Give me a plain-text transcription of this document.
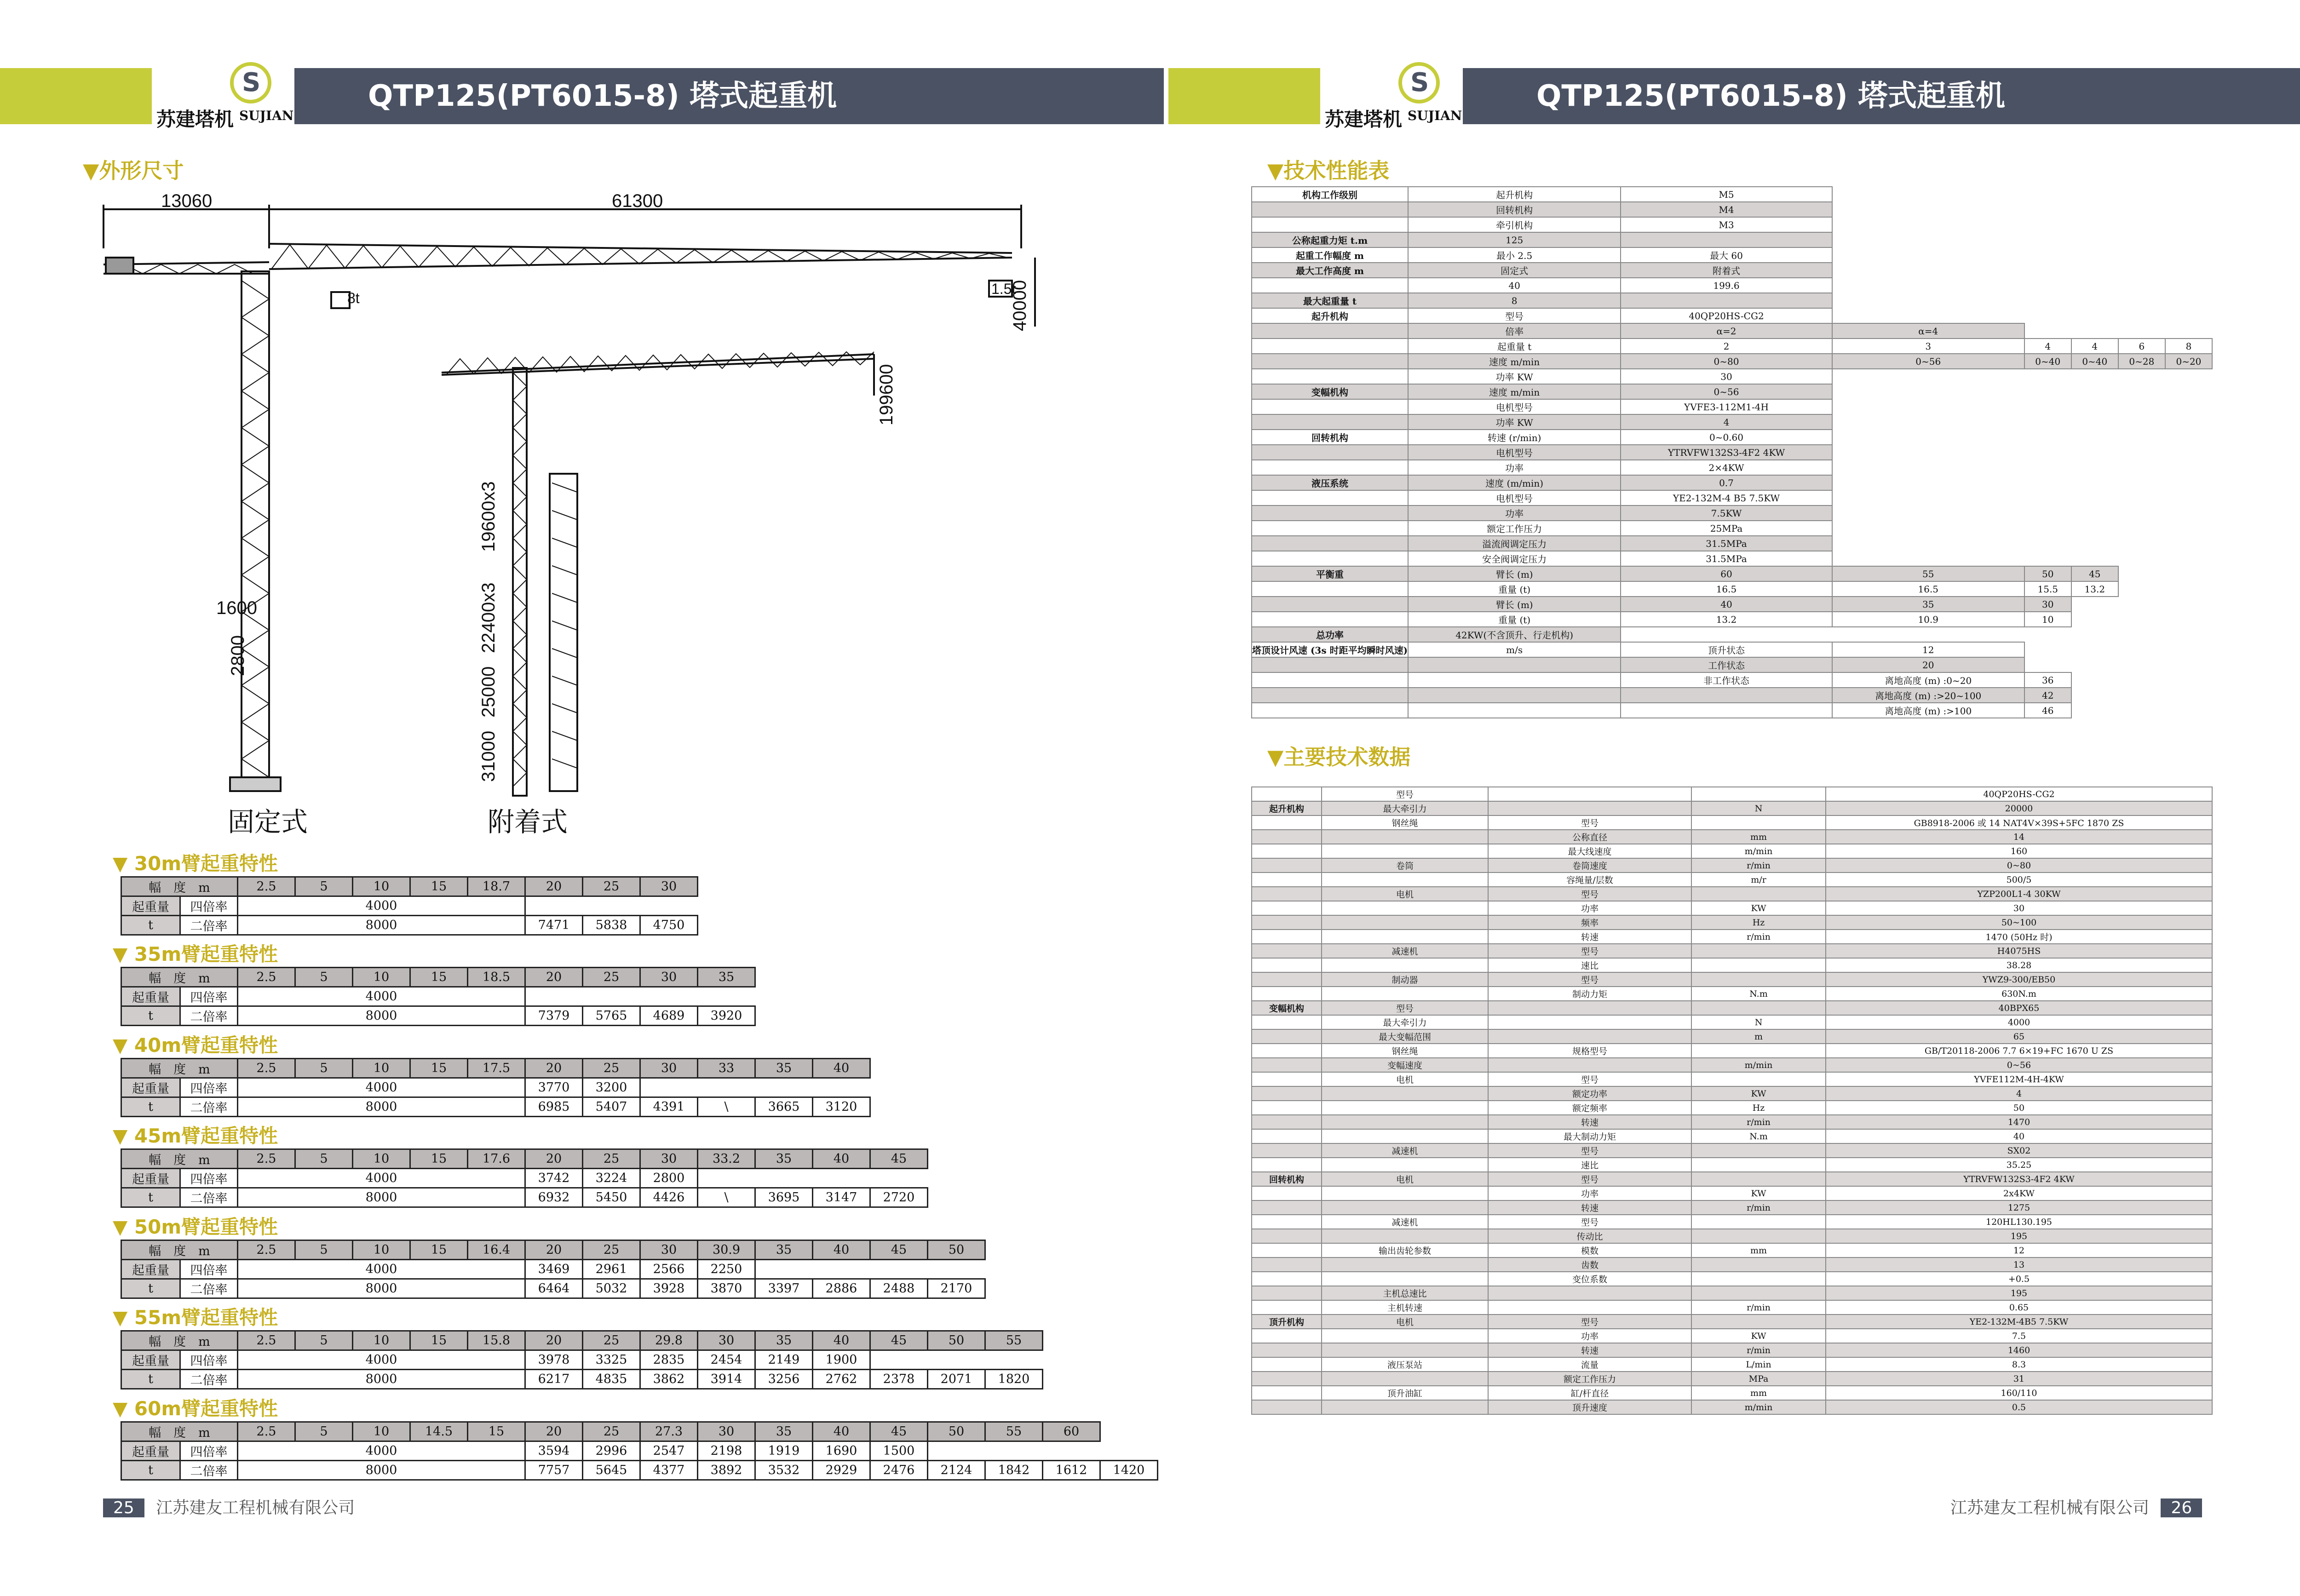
QTP125(PT6015-8) 塔式起重机
S
苏建塔机 SUJIAN
QTP125(PT6015-8) 塔式起重机
S
苏建塔机 SUJIAN
▼外形尺寸
13060	61300
8t
1.5t
40000
199600
1600
2800
19600x3
22400x3
25000
31000
固定式	附着式
▼ 30m臂起重特性
幅　度　m		2.5	5	10	15	18.7	20	25	30
起重量	四倍率	4000							
t	二倍率	8000					7471	5838	4750
▼ 35m臂起重特性
幅　度　m		2.5	5	10	15	18.5	20	25	30	35
起重量	四倍率	4000								
t	二倍率	8000					7379	5765	4689	3920
▼ 40m臂起重特性
幅　度　m		2.5	5	10	15	17.5	20	25	30	33	35	40
起重量	四倍率	4000					3770	3200				
t	二倍率	8000					6985	5407	4391	\	3665	3120
▼ 45m臂起重特性
幅　度　m		2.5	5	10	15	17.6	20	25	30	33.2	35	40	45
起重量	四倍率	4000					3742	3224	2800				
t	二倍率	8000					6932	5450	4426	\	3695	3147	2720
▼ 50m臂起重特性
幅　度　m		2.5	5	10	15	16.4	20	25	30	30.9	35	40	45	50
起重量	四倍率	4000					3469	2961	2566	2250				
t	二倍率	8000					6464	5032	3928	3870	3397	2886	2488	2170
▼ 55m臂起重特性
幅　度　m		2.5	5	10	15	15.8	20	25	29.8	30	35	40	45	50	55
起重量	四倍率	4000					3978	3325	2835	2454	2149	1900			
t	二倍率	8000					6217	4835	3862	3914	3256	2762	2378	2071	1820
▼ 60m臂起重特性
幅　度　m		2.5	5	10	14.5	15	20	25	27.3	30	35	40	45	50	55	60	
起重量	四倍率	4000					3594	2996	2547	2198	1919	1690	1500				
t	二倍率	8000					7757	5645	4377	3892	3532	2929	2476	2124	1842	1612	1420
▼技术性能表
▼主要技术数据
机构工作级别	起升机构	M5					
	回转机构	M4					
	牵引机构	M3					
公称起重力矩 t.m	125						
起重工作幅度 m	最小 2.5	最大 60					
最大工作高度 m	固定式	附着式					
	40	199.6					
最大起重量 t	8						
起升机构	型号	40QP20HS-CG2					
	倍率	α=2	α=4				
	起重量 t	2	3	4	4	6	8
	速度 m/min	0~80	0~56	0~40	0~40	0~28	0~20
	功率 KW	30					
变幅机构	速度 m/min	0~56					
	电机型号	YVFE3-112M1-4H					
	功率 KW	4					
回转机构	转速 (r/min)	0~0.60					
	电机型号	YTRVFW132S3-4F2 4KW					
	功率	2×4KW					
液压系统	速度 (m/min)	0.7					
	电机型号	YE2-132M-4 B5 7.5KW					
	功率	7.5KW					
	额定工作压力	25MPa					
	溢流阀调定压力	31.5MPa					
	安全阀调定压力	31.5MPa					
平衡重	臂长 (m)	60	55	50	45		
	重量 (t)	16.5	16.5	15.5	13.2		
	臂长 (m)	40	35	30			
	重量 (t)	13.2	10.9	10			
总功率	42KW(不含顶升、行走机构)						
塔顶设计风速 (3s 时距平均瞬时风速)	m/s	顶升状态	12				
		工作状态	20				
		非工作状态	离地高度 (m) :0~20	36			
			离地高度 (m) :>20~100	42			
			离地高度 (m) :>100	46			
	型号			40QP20HS-CG2
起升机构	最大牵引力		N	20000
	钢丝绳	型号		GB8918-2006 或 14 NAT4V×39S+5FC 1870 ZS
		公称直径	mm	14
		最大线速度	m/min	160
	卷筒	卷筒速度	r/min	0~80
		容绳量/层数	m/r	500/5
	电机	型号		YZP200L1-4 30KW
		功率	KW	30
		频率	Hz	50~100
		转速	r/min	1470 (50Hz 时)
	减速机	型号		H4075HS
		速比		38.28
	制动器	型号		YWZ9-300/EB50
		制动力矩	N.m	630N.m
变幅机构	型号			40BPX65
	最大牵引力		N	4000
	最大变幅范围		m	65
	钢丝绳	规格型号		GB/T20118-2006 7.7 6×19+FC 1670 U ZS
	变幅速度		m/min	0~56
	电机	型号		YVFE112M-4H-4KW
		额定功率	KW	4
		额定频率	Hz	50
		转速	r/min	1470
		最大制动力矩	N.m	40
	减速机	型号		SX02
		速比		35.25
回转机构	电机	型号		YTRVFW132S3-4F2 4KW
		功率	KW	2x4KW
		转速	r/min	1275
	减速机	型号		120HL130.195
		传动比		195
	输出齿轮参数	模数	mm	12
		齿数		13
		变位系数		+0.5
	主机总速比			195
	主机转速		r/min	0.65
顶升机构	电机	型号		YE2-132M-4B5 7.5KW
		功率	KW	7.5
		转速	r/min	1460
	液压泵站	流量	L/min	8.3
		额定工作压力	MPa	31
	顶升油缸	缸/杆直径	mm	160/110
		顶升速度	m/min	0.5
25 江苏建友工程机械有限公司	江苏建友工程机械有限公司 26
